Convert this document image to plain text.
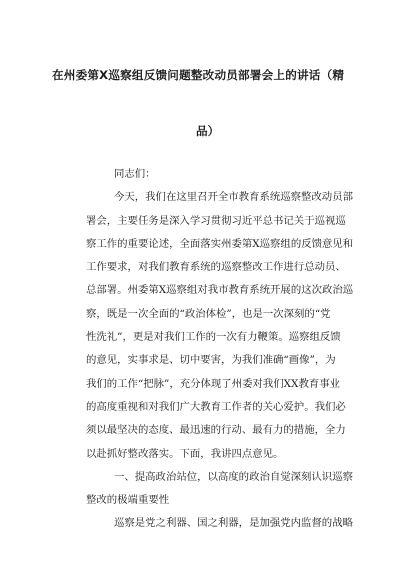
在州委第X巡察组反馈问题整改动员部署会上的讲话（精
品）

同志们：

今天，我们在这里召开全市教育系统巡察整改动员部

署会，主要任务是深入学习贯彻习近平总书记关于巡视巡

察工作的重要论述，全面落实州委第X巡察组的反馈意见和

工作要求，对我们教育系统的巡察整改工作进行总动员、

总部署。州委第X巡察组对我市教育系统开展的这次政治巡

察，既是一次全面的“政治体检”，也是一次深刻的“党

性洗礼”，更是对我们工作的一次有力鞭策。巡察组反馈

的意见，实事求是、切中要害，为我们准确“画像”，为

我们的工作“把脉”，充分体现了州委对我们XX教育事业

的高度重视和对我们广大教育工作者的关心爱护。我们必

须以最坚决的态度、最迅速的行动、最有力的措施，全力

以赴抓好整改落实。下面，我讲四点意见。

一、提高政治站位，以高度的政治自觉深刻认识巡察

整改的极端重要性

巡察是党之利器、国之利器，是加强党内监督的战略
